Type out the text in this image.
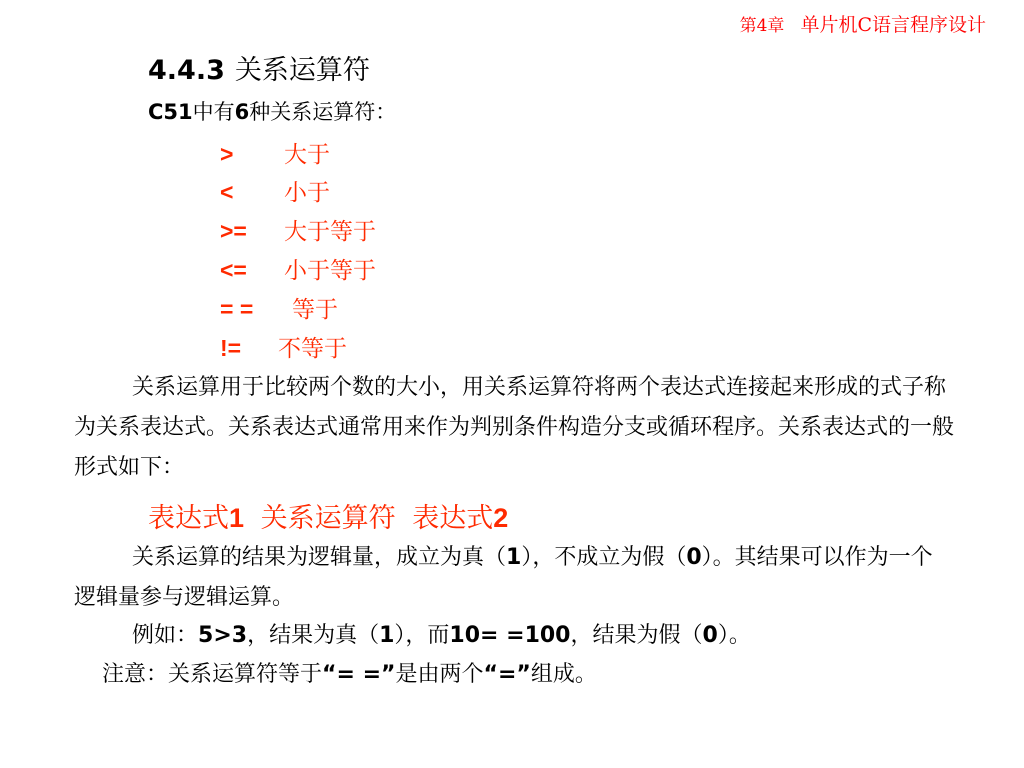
第4章 单片机C语言程序设计
4.4.3 关系运算符
C51中有6种关系运算符：
> 大于
< 小于
>= 大于等于
<= 小于等于
= = 等于
!= 不等于
关系运算用于比较两个数的大小，用关系运算符将两个表达式连接起来形成的式子称为关系表达式。关系表达式通常用来作为判别条件构造分支或循环程序。关系表达式的一般形式如下：
表达式1 关系运算符 表达式2
关系运算的结果为逻辑量，成立为真（1），不成立为假（0）。其结果可以作为一个逻辑量参与逻辑运算。
例如：5>3，结果为真（1），而10= =100，结果为假（0）。
注意：关系运算符等于“= =”是由两个“=”组成。
